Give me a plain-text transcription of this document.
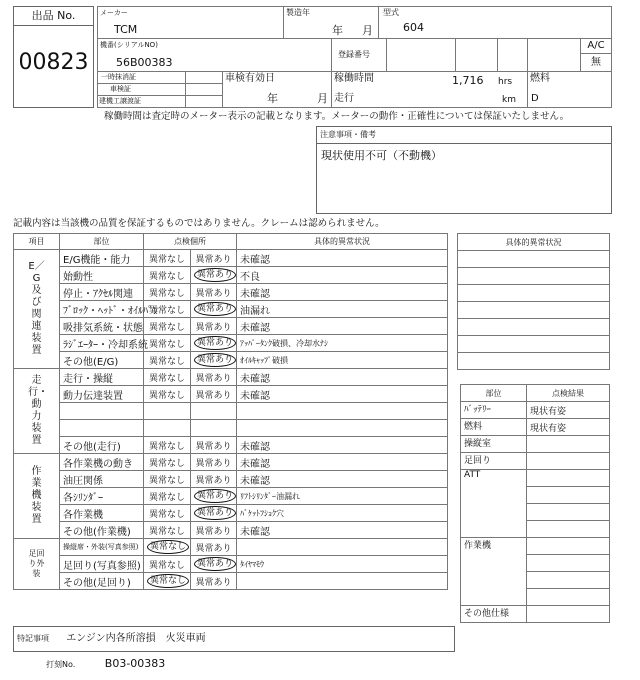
出品 No.
00823
メーカー
TCM
製造年
年 月
型式
604
機番(シリアルNO)
56B00383
登録番号
A/C
無
一時抹消証
車検証
建機工譲渡証
車検有効日
年	月
稼働時間	1,716 hrs
走行	km
燃料
D
稼働時間は査定時のメーター表示の記載となります。メーターの動作・正確性については保証いたしません。
注意事項・備考
現状使用不可（不動機）
記載内容は当該機の品質を保証するものではありません。クレームは認められません。
項目	部位	点検個所		具体的異常状況
E／G及び関連装置	E/G機能・能力	異常なし	異常あり	未確認
	始動性	異常なし	異常あり	不良
	停止・ｱｸｾﾙ関連	異常なし	異常あり	未確認
	ﾌﾞﾛｯｸ・ﾍｯﾄﾞ・ｵｲﾙﾊﾟﾝ	異常なし	異常あり	油漏れ
	吸排気系統・状態	異常なし	異常あり	未確認
	ﾗｼﾞｴｰﾀｰ・冷却系統	異常なし	異常あり	ｱｯﾊﾟｰﾀﾝｸ破損、冷却水ﾅｼ
	その他(E/G)	異常なし	異常あり	ｵｲﾙｷｬｯﾌﾟ破損
走行・動力装置	走行・操縦	異常なし	異常あり	未確認
	動力伝達装置	異常なし	異常あり	未確認

	その他(走行)	異常なし	異常あり	未確認
作業機装置	各作業機の動き	異常なし	異常あり	未確認
	油圧関係	異常なし	異常あり	未確認
	各ｼﾘﾝﾀﾞｰ	異常なし	異常あり	ﾘﾌﾄｼﾘﾝﾀﾞｰ油漏れ
	各作業機	異常なし	異常あり	ﾊﾞｹｯﾄﾌｼｮｸ穴
	その他(作業機)	異常なし	異常あり	未確認
足回り外装	操縦席・外装(写真参照)	異常なし	異常あり	
	足回り(写真参照)	異常なし	異常あり	ﾀｲﾔﾏﾓｳ
	その他(足回り)	異常なし	異常あり	
具体的異常状況

部位	点検結果
ﾊﾞｯﾃﾘｰ	現状有姿
燃料	現状有姿
操縦室	
足回り	
ATT	

作業機	

その他仕様	
特記事項 エンジン内各所溶損　火災車両
打刻No.	B03-00383
